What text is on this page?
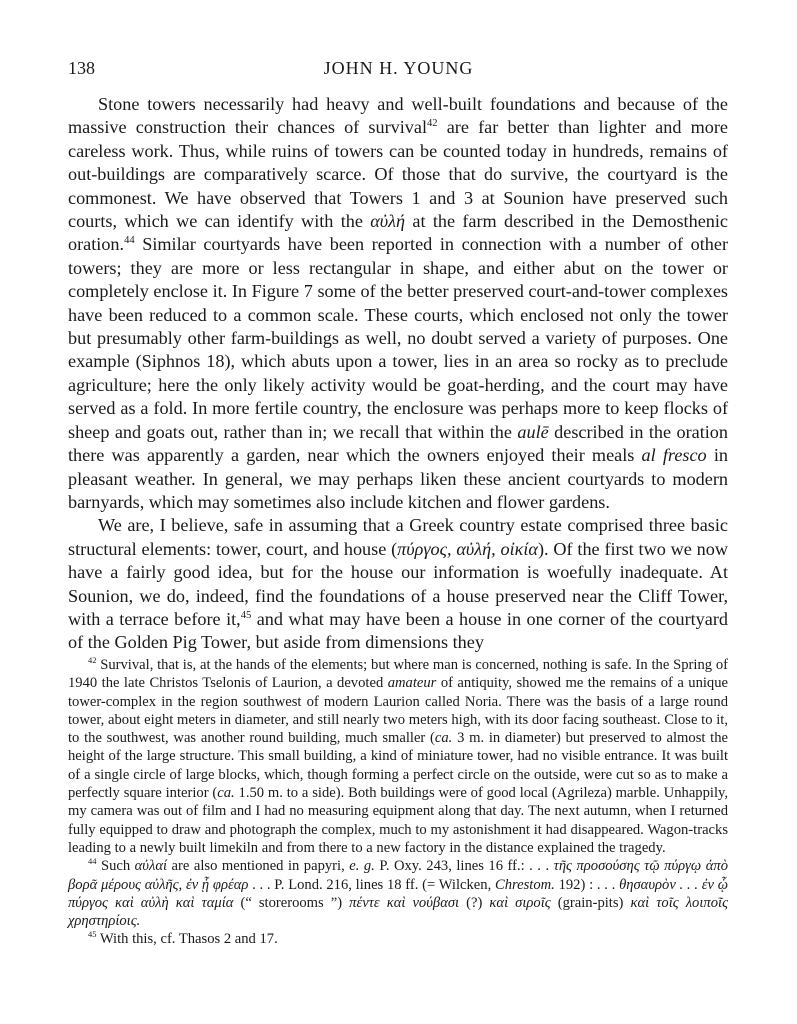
138	JOHN H. YOUNG

Stone towers necessarily had heavy and well-built foundations and because of the massive construction their chances of survival$^{42}$ are far better than lighter and more careless work. Thus, while ruins of towers can be counted today in hundreds, remains of out-buildings are comparatively scarce. Of those that do survive, the courtyard is the commonest. We have observed that Towers 1 and 3 at Sounion have preserved such courts, which we can identify with the αὐλή at the farm described in the Demosthenic oration.$^{44}$ Similar courtyards have been reported in connection with a number of other towers; they are more or less rectangular in shape, and either abut on the tower or completely enclose it. In Figure 7 some of the better preserved court-and-tower complexes have been reduced to a common scale. These courts, which enclosed not only the tower but presumably other farm-buildings as well, no doubt served a variety of purposes. One example (Siphnos 18), which abuts upon a tower, lies in an area so rocky as to preclude agriculture; here the only likely activity would be goat-herding, and the court may have served as a fold. In more fertile country, the enclosure was perhaps more to keep flocks of sheep and goats out, rather than in; we recall that within the aulē described in the oration there was apparently a garden, near which the owners enjoyed their meals al fresco in pleasant weather. In general, we may perhaps liken these ancient courtyards to modern barnyards, which may sometimes also include kitchen and flower gardens.

We are, I believe, safe in assuming that a Greek country estate comprised three basic structural elements: tower, court, and house (πύργος, αὐλή, οἰκία). Of the first two we now have a fairly good idea, but for the house our information is woefully inadequate. At Sounion, we do, indeed, find the foundations of a house preserved near the Cliff Tower, with a terrace before it,$^{45}$ and what may have been a house in one corner of the courtyard of the Golden Pig Tower, but aside from dimensions they

$^{42}$ Survival, that is, at the hands of the elements; but where man is concerned, nothing is safe. In the Spring of 1940 the late Christos Tselonis of Laurion, a devoted amateur of antiquity, showed me the remains of a unique tower-complex in the region southwest of modern Laurion called Noria. There was the basis of a large round tower, about eight meters in diameter, and still nearly two meters high, with its door facing southeast. Close to it, to the southwest, was another round building, much smaller (ca. 3 m. in diameter) but preserved to almost the height of the large structure. This small building, a kind of miniature tower, had no visible entrance. It was built of a single circle of large blocks, which, though forming a perfect circle on the outside, were cut so as to make a perfectly square interior (ca. 1.50 m. to a side). Both buildings were of good local (Agrileza) marble. Unhappily, my camera was out of film and I had no measuring equipment along that day. The next autumn, when I returned fully equipped to draw and photograph the complex, much to my astonishment it had disappeared. Wagon-tracks leading to a newly built limekiln and from there to a new factory in the distance explained the tragedy.

$^{44}$ Such αὐλαί are also mentioned in papyri, e. g. P. Oxy. 243, lines 16 ff.: . . . τῆς προσούσης τῷ πύργῳ ἀπὸ βορᾶ μέρους αὐλῆς, ἐν ᾗ φρέαρ . . . P. Lond. 216, lines 18 ff. (= Wilcken, Chrestom. 192) : . . . θησαυρὸν . . . ἐν ᾧ πύργος καὶ αὐλὴ καὶ ταμία (“ storerooms ”) πέντε καὶ νούβασι (?) καὶ σιροῖς (grain-pits) καὶ τοῖς λοιποῖς χρηστηρίοις.

$^{45}$ With this, cf. Thasos 2 and 17.
